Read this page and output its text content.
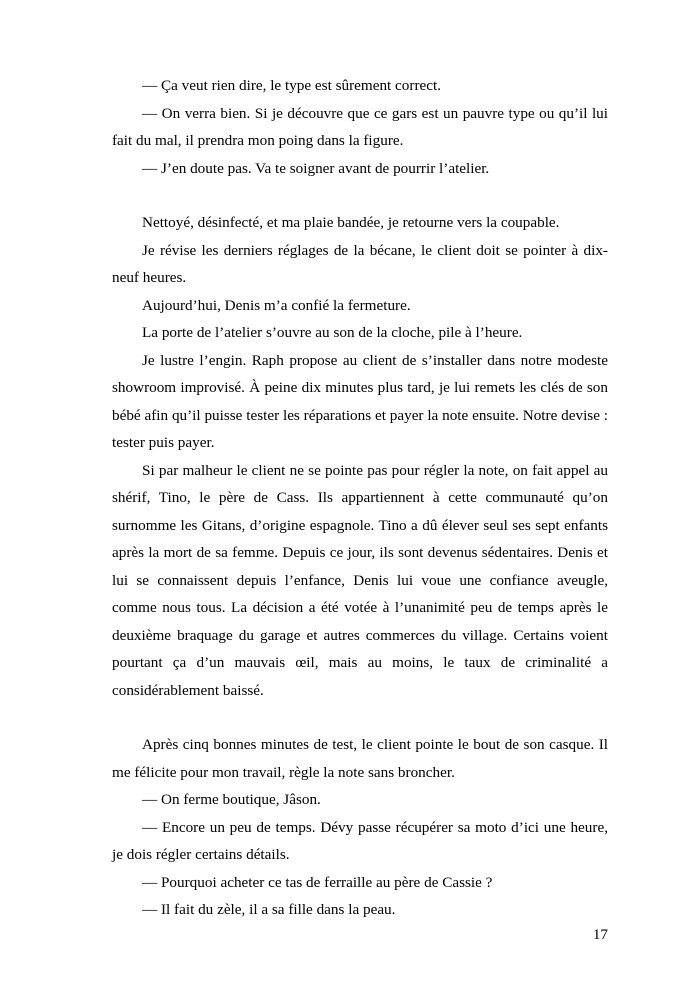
— Ça veut rien dire, le type est sûrement correct.

— On verra bien. Si je découvre que ce gars est un pauvre type ou qu’il lui fait du mal, il prendra mon poing dans la figure.

— J’en doute pas. Va te soigner avant de pourrir l’atelier.

Nettoyé, désinfecté, et ma plaie bandée, je retourne vers la coupable.

Je révise les derniers réglages de la bécane, le client doit se pointer à dix-neuf heures.

Aujourd’hui, Denis m’a confié la fermeture.

La porte de l’atelier s’ouvre au son de la cloche, pile à l’heure.

Je lustre l’engin. Raph propose au client de s’installer dans notre modeste showroom improvisé. À peine dix minutes plus tard, je lui remets les clés de son bébé afin qu’il puisse tester les réparations et payer la note ensuite. Notre devise : tester puis payer.

Si par malheur le client ne se pointe pas pour régler la note, on fait appel au shérif, Tino, le père de Cass. Ils appartiennent à cette communauté qu’on surnomme les Gitans, d’origine espagnole. Tino a dû élever seul ses sept enfants après la mort de sa femme. Depuis ce jour, ils sont devenus sédentaires. Denis et lui se connaissent depuis l’enfance, Denis lui voue une confiance aveugle, comme nous tous. La décision a été votée à l’unanimité peu de temps après le deuxième braquage du garage et autres commerces du village. Certains voient pourtant ça d’un mauvais œil, mais au moins, le taux de criminalité a considérablement baissé.

Après cinq bonnes minutes de test, le client pointe le bout de son casque. Il me félicite pour mon travail, règle la note sans broncher.

— On ferme boutique, Jâson.

— Encore un peu de temps. Dévy passe récupérer sa moto d’ici une heure, je dois régler certains détails.

— Pourquoi acheter ce tas de ferraille au père de Cassie ?

— Il fait du zèle, il a sa fille dans la peau.

17
